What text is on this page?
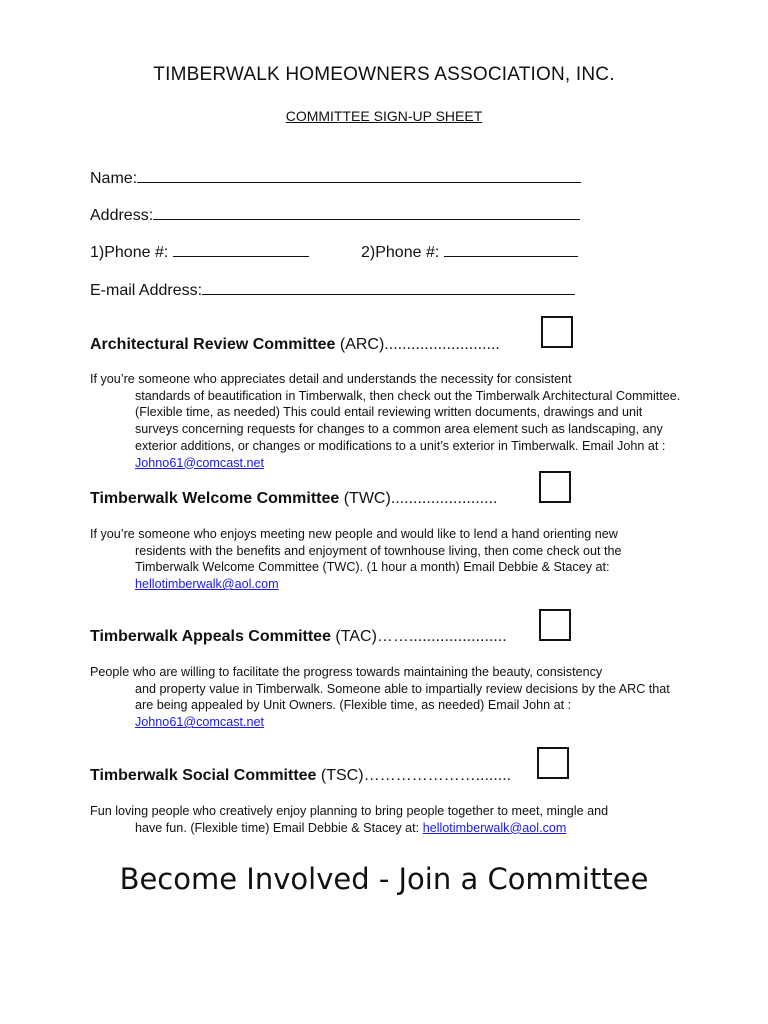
TIMBERWALK HOMEOWNERS ASSOCIATION, INC.
COMMITTEE SIGN-UP SHEET
Name:
Address:
1)Phone #:	2)Phone #:
E-mail Address:
Architectural Review Committee (ARC)..........................
If you’re someone who appreciates detail and understands the necessity for consistent
standards of beautification in Timberwalk, then check out the Timberwalk Architectural Committee. (Flexible time, as needed) This could entail reviewing written documents, drawings and unit surveys concerning requests for changes to a common area element such as landscaping, any exterior additions, or changes or modifications to a unit’s exterior in Timberwalk. Email John at : Johno61@comcast.net
Timberwalk Welcome Committee (TWC)........................
If you’re someone who enjoys meeting new people and would like to lend a hand orienting new
residents with the benefits and enjoyment of townhouse living, then come check out the Timberwalk Welcome Committee (TWC). (1 hour a month) Email Debbie & Stacey at: hellotimberwalk@aol.com
Timberwalk Appeals Committee (TAC)……......................
People who are willing to facilitate the progress towards maintaining the beauty, consistency
and property value in Timberwalk. Someone able to impartially review decisions by the ARC that are being appealed by Unit Owners. (Flexible time, as needed) Email John at : Johno61@comcast.net
Timberwalk Social Committee (TSC)…………………........
Fun loving people who creatively enjoy planning to bring people together to meet, mingle and
have fun. (Flexible time) Email Debbie & Stacey at: hellotimberwalk@aol.com
Become Involved - Join a Committee
